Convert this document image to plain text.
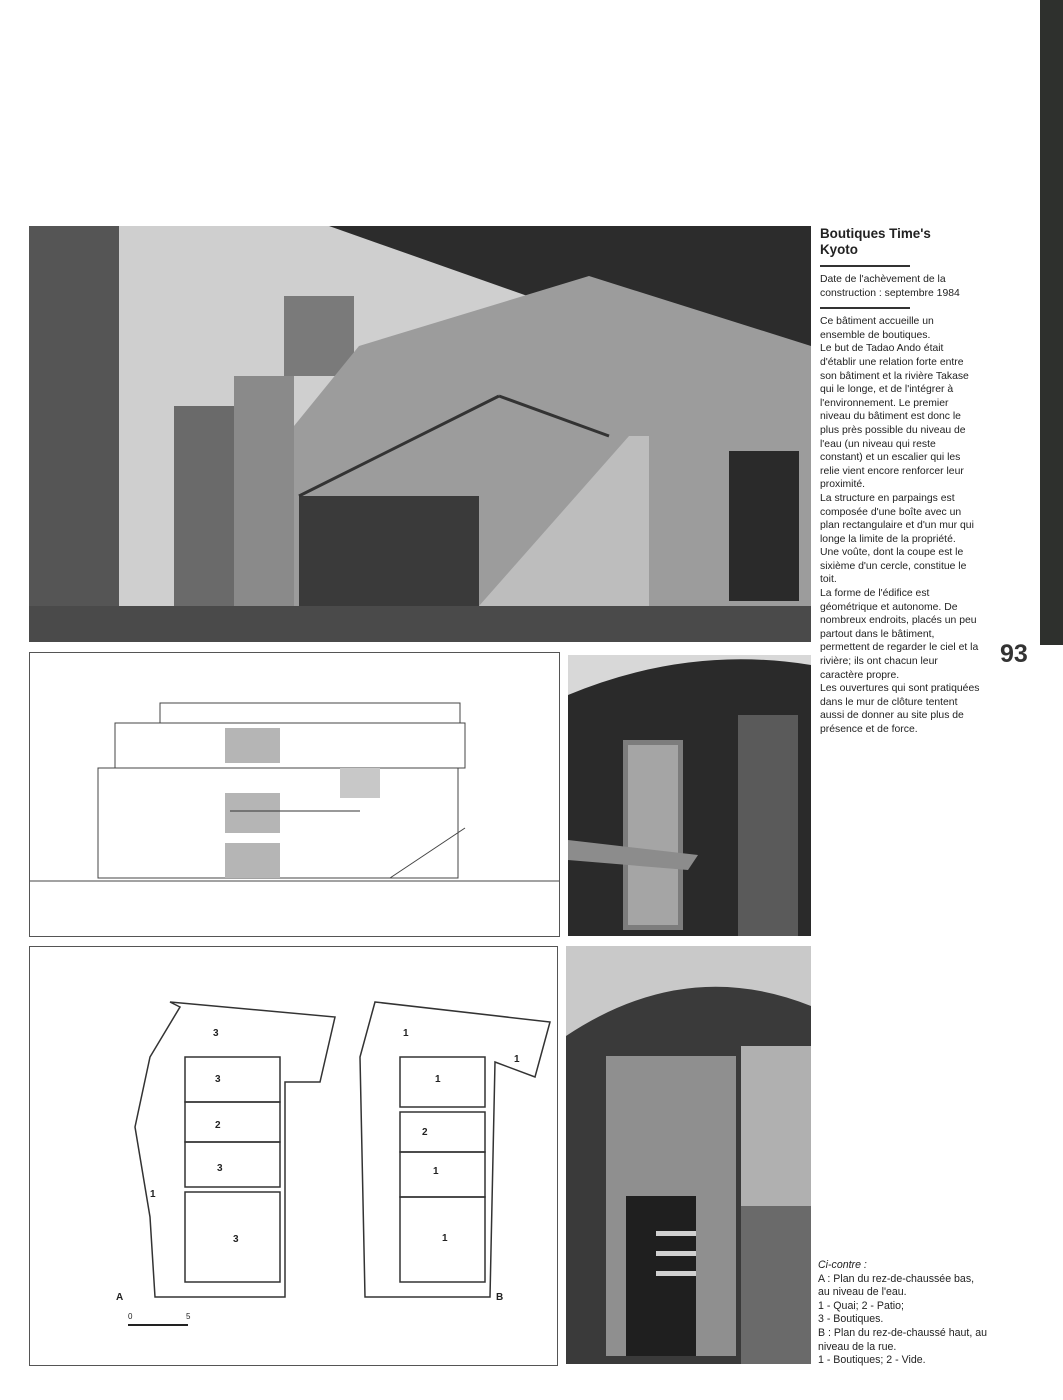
93
3
3
2
3
1
3
1
1
1
2
1
1
A	B
0	5

Boutiques Time's

Kyoto

Date de l'achèvement de la construction : septembre 1984

Ce bâtiment accueille un ensemble de boutiques.

Le but de Tadao Ando était d'établir une relation forte entre son bâtiment et la rivière Takase qui le longe, et de l'intégrer à l'environnement. Le premier niveau du bâtiment est donc le plus près possible du niveau de l'eau (un niveau qui reste constant) et un escalier qui les relie vient encore renforcer leur proximité.

La structure en parpaings est composée d'une boîte avec un plan rectangulaire et d'un mur qui longe la limite de la propriété.

Une voûte, dont la coupe est le sixième d'un cercle, constitue le toit.

La forme de l'édifice est géométrique et autonome. De nombreux endroits, placés un peu partout dans le bâtiment, permettent de regarder le ciel et la rivière; ils ont chacun leur caractère propre.

Les ouvertures qui sont pratiquées dans le mur de clôture tentent aussi de donner au site plus de présence et de force.

Ci-contre :
A : Plan du rez-de-chaussée bas, au niveau de l'eau.
1 - Quai; 2 - Patio;
3 - Boutiques.
B : Plan du rez-de-chaussé haut, au niveau de la rue.
1 - Boutiques; 2 - Vide.
